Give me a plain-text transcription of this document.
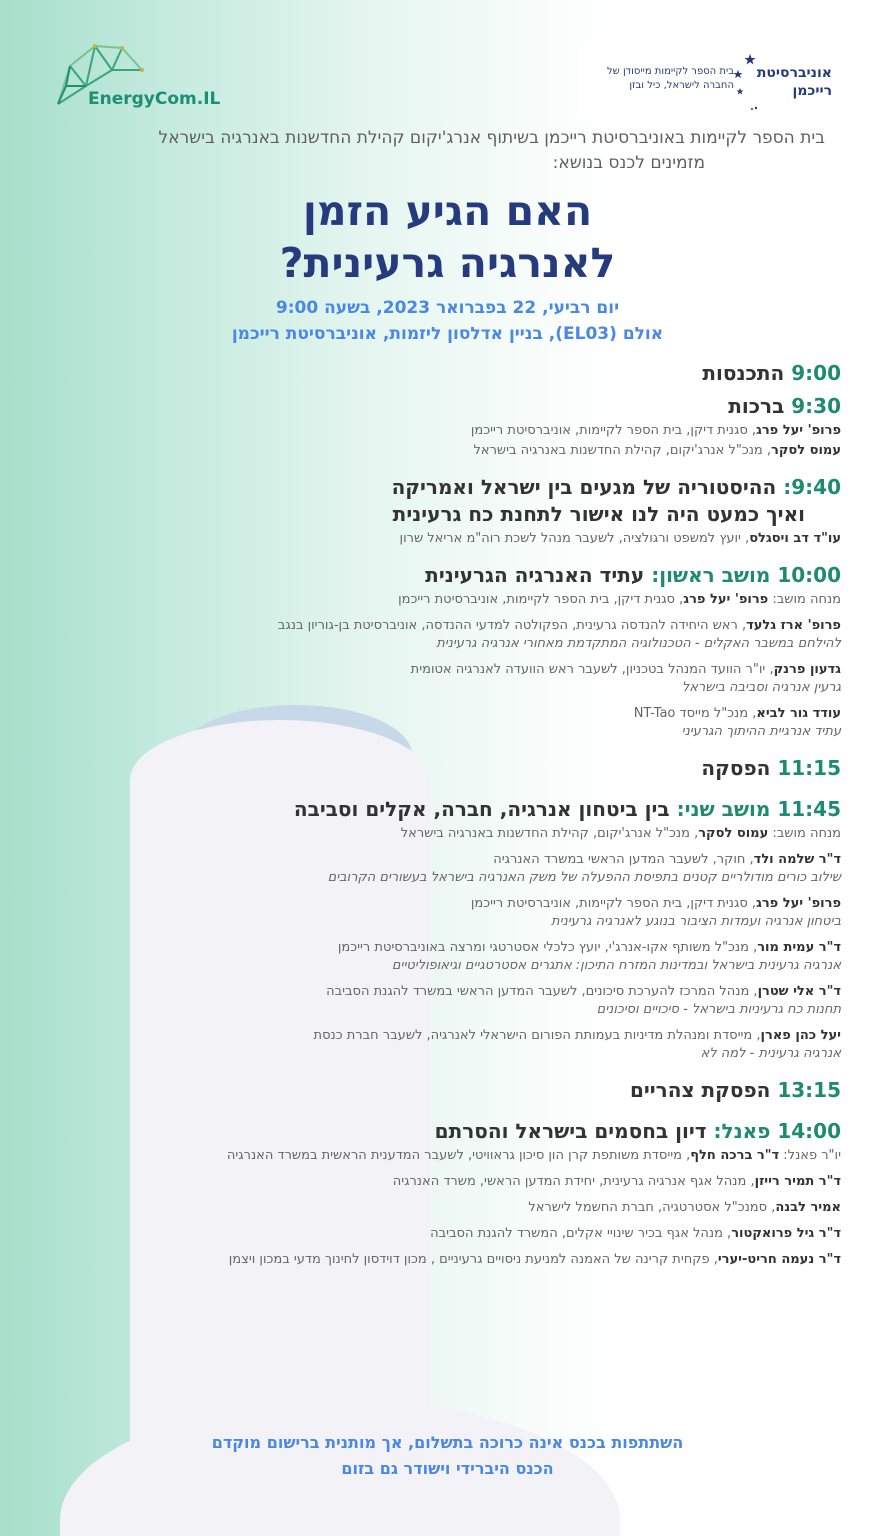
EnergyCom.IL
אוניברסיטת רייכמן
בית הספר לקיימות מייסודן של החברה לישראל, כיל ובזן
בית הספר לקיימות באוניברסיטת רייכמן בשיתוף אנרג'יקום קהילת החדשנות באנרגיה בישראל
מזמינים לכנס בנושא:
האם הגיע הזמן
לאנרגיה גרעינית?
יום רביעי, 22 בפברואר 2023, בשעה 9:00
אולם (EL03), בניין אדלסון ליזמות, אוניברסיטת רייכמן
9:00 התכנסות
9:30 ברכות
פרופ' יעל פרג, סגנית דיקן, בית הספר לקיימות, אוניברסיטת רייכמן
עמוס לסקר, מנכ"ל אנרג'יקום, קהילת החדשנות באנרגיה בישראל
9:40: ההיסטוריה של מגעים בין ישראל ואמריקה
ואיך כמעט היה לנו אישור לתחנת כח גרעינית
עו"ד דב ויסגלס, יועץ למשפט ורגולציה, לשעבר מנהל לשכת רוה"מ אריאל שרון
10:00 מושב ראשון: עתיד האנרגיה הגרעינית
מנחה מושב: פרופ' יעל פרג, סגנית דיקן, בית הספר לקיימות, אוניברסיטת רייכמן
פרופ' ארז גלעד, ראש היחידה להנדסה גרעינית, הפקולטה למדעי ההנדסה, אוניברסיטת בן-גוריון בנגב
להילחם במשבר האקלים - הטכנולוגיה המתקדמת מאחורי אנרגיה גרעינית
גדעון פרנק, יו"ר הוועד המנהל בטכניון, לשעבר ראש הוועדה לאנרגיה אטומית
גרעין אנרגיה וסביבה בישראל
עודד גור לביא, מנכ"ל מייסד NT-Tao
עתיד אנרגיית ההיתוך הגרעיני
11:15 הפסקה
11:45 מושב שני: בין ביטחון אנרגיה, חברה, אקלים וסביבה
מנחה מושב: עמוס לסקר, מנכ"ל אנרג'יקום, קהילת החדשנות באנרגיה בישראל
ד"ר שלמה ולד, חוקר, לשעבר המדען הראשי במשרד האנרגיה
שילוב כורים מודולריים קטנים בתפיסת ההפעלה של משק האנרגיה בישראל בעשורים הקרובים
פרופ' יעל פרג, סגנית דיקן, בית הספר לקיימות, אוניברסיטת רייכמן
ביטחון אנרגיה ועמדות הציבור בנוגע לאנרגיה גרעינית
ד"ר עמית מור, מנכ"ל משותף אקו-אנרג'י, יועץ כלכלי אסטרטגי ומרצה באוניברסיטת רייכמן
אנרגיה גרעינית בישראל ובמדינות המזרח התיכון: אתגרים אסטרטגיים וגיאופוליטיים
ד"ר אלי שטרן, מנהל המרכז להערכת סיכונים, לשעבר המדען הראשי במשרד להגנת הסביבה
תחנות כח גרעיניות בישראל - סיכויים וסיכונים
יעל כהן פארן, מייסדת ומנהלת מדיניות בעמותת הפורום הישראלי לאנרגיה, לשעבר חברת כנסת
אנרגיה גרעינית - למה לא
13:15 הפסקת צהריים
14:00 פאנל: דיון בחסמים בישראל והסרתם
יו"ר פאנל: ד"ר ברכה חלף, מייסדת משותפת קרן הון סיכון גראוויטי, לשעבר המדענית הראשית במשרד האנרגיה
ד"ר תמיר רייזן, מנהל אגף אנרגיה גרעינית, יחידת המדען הראשי, משרד האנרגיה
אמיר לבנה, סמנכ"ל אסטרטגיה, חברת החשמל לישראל
ד"ר גיל פרואקטור, מנהל אגף בכיר שינויי אקלים, המשרד להגנת הסביבה
ד"ר נעמה חריט-יערי, פקחית קרינה של האמנה למניעת ניסויים גרעיניים , מכון דוידסון לחינוך מדעי במכון ויצמן
השתתפות בכנס אינה כרוכה בתשלום, אך מותנית ברישום מוקדם
הכנס היברידי וישודר גם בזום
